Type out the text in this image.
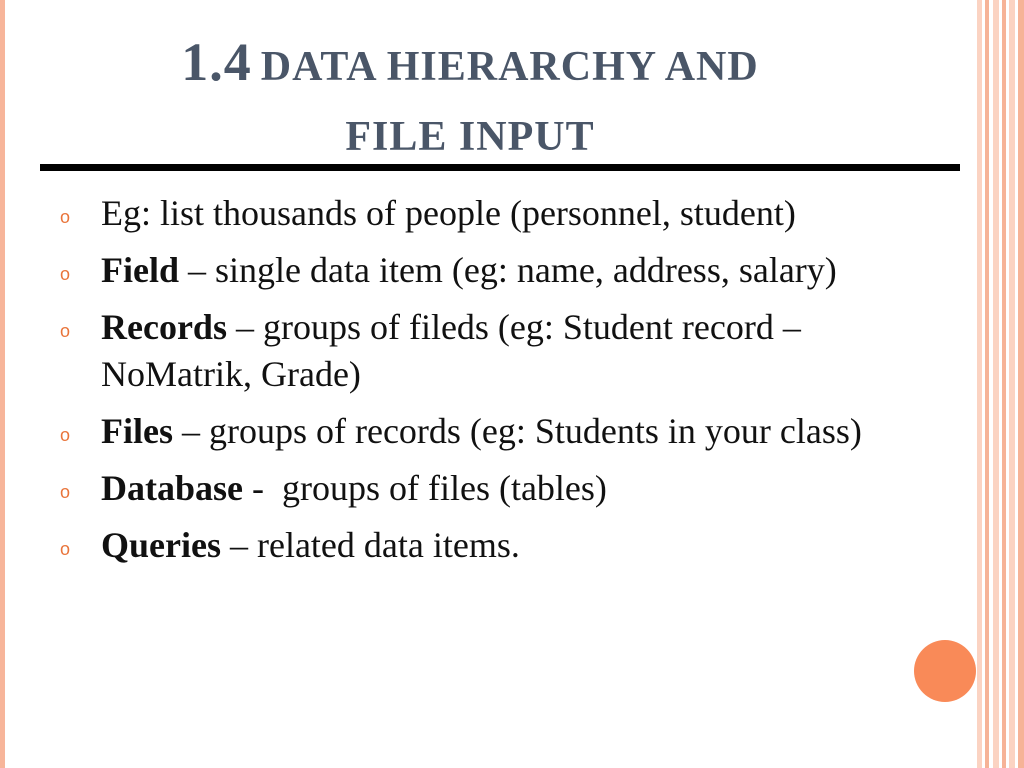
1.4 DATA HIERARCHY AND
FILE INPUT
o Eg: list thousands of people (personnel, student)
o Field – single data item (eg: name, address, salary)
o Records – groups of fileds (eg: Student record – NoMatrik, Grade)
o Files – groups of records (eg: Students in your class)
o Database -  groups of files (tables)
o Queries – related data items.
